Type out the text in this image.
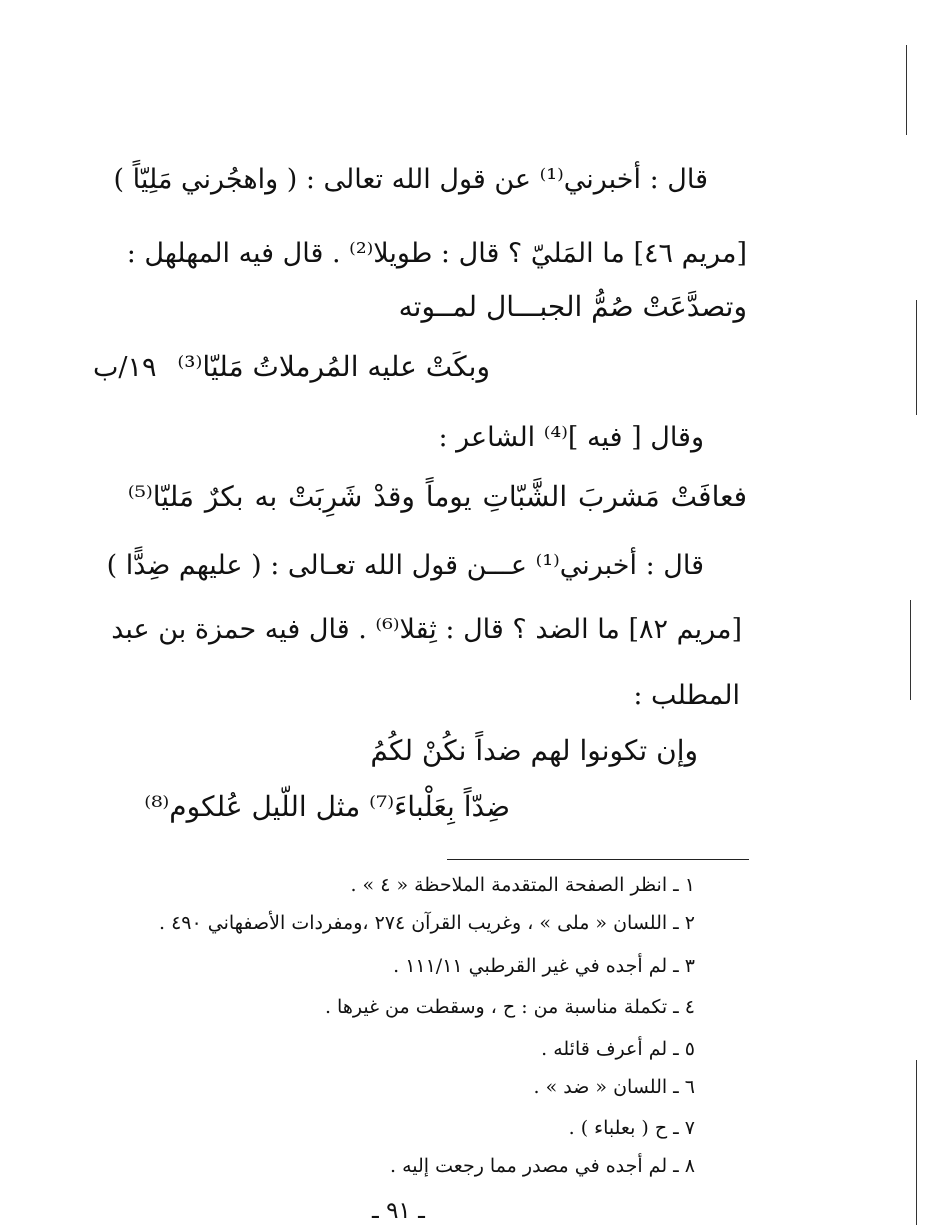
قال : أخبرني⁽¹⁾ عن قول الله تعالى : ( واهجُرني مَلِيّاً )
[مريم ٤٦] ما المَليّ ؟ قال : طويلا⁽²⁾ . قال فيه المهلهل :
وتصدَّعَتْ صُمُّ الجبـــال لمــوته
وبكَتْ عليه المُرملاتُ مَليّا⁽³⁾
١٩/ب
وقال [ فيه ]⁽⁴⁾ الشاعر :
فعافَتْ مَشربَ الشَّبّاتِ يوماً وقدْ شَرِبَتْ به بكرٌ مَليّا⁽⁵⁾
قال : أخبرني⁽¹⁾ عـــن قول الله تعـالى : ( عليهم ضِدًّا )
[مريم ٨٢] ما الضد ؟ قال : ثِقلا⁽⁶⁾ . قال فيه حمزة بن عبد
المطلب :
وإن تكونوا لهم ضداً نكُنْ لكُمُ
ضِدّاً بِعَلْباءَ⁽⁷⁾ مثل اللّيل عُلكوم⁽⁸⁾
١ ـ انظر الصفحة المتقدمة الملاحظة « ٤ » .
٢ ـ اللسان « ملى » ، وغريب القرآن ٢٧٤ ،ومفردات الأصفهاني ٤٩٠ .
٣ ـ لم أجده في غير القرطبي ١١١/١١ .
٤ ـ تكملة مناسبة من : ح ، وسقطت من غيرها .
٥ ـ لم أعرف قائله .
٦ ـ اللسان « ضد » .
٧ ـ ح ( بعلباء ) .
٨ ـ لم أجده في مصدر مما رجعت إليه .
ـ ٩١ ـ
